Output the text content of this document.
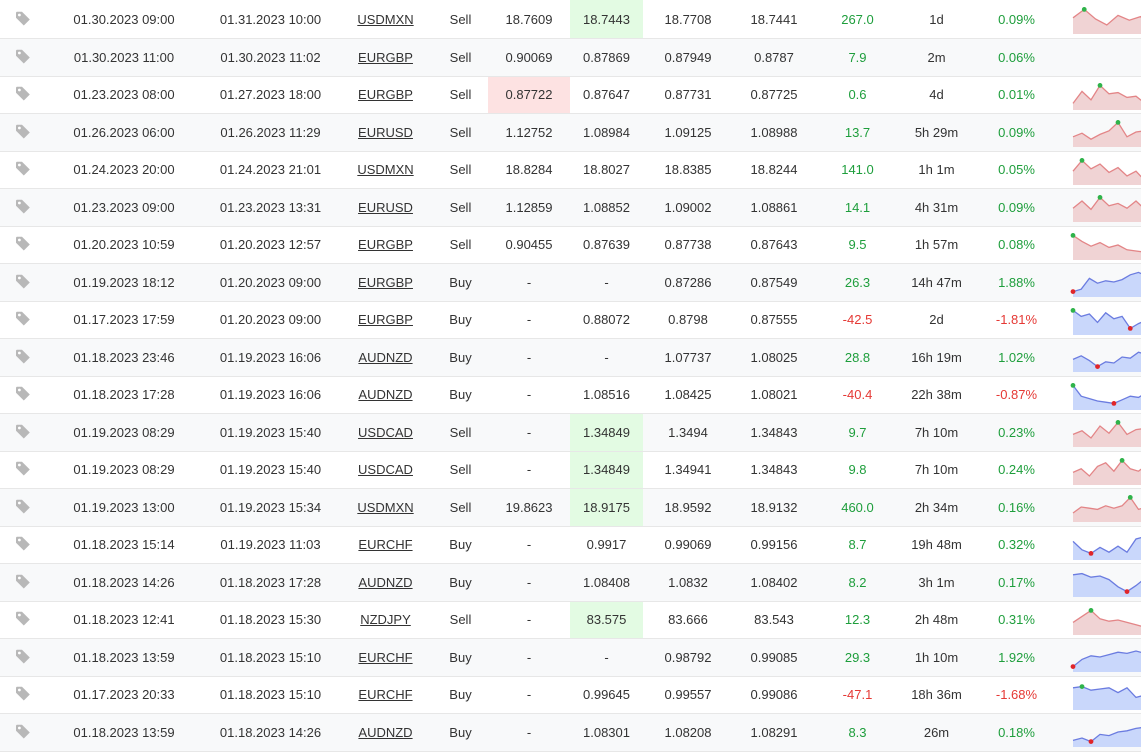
	01.30.2023 09:00	01.31.2023 10:00	USDMXN	Sell	18.7609	18.7443	18.7708	18.7441	267.0	1d	0.09%	

	01.30.2023 11:00	01.30.2023 11:02	EURGBP	Sell	0.90069	0.87869	0.87949	0.8787	7.9	2m	0.06%	
	01.23.2023 08:00	01.27.2023 18:00	EURGBP	Sell	0.87722	0.87647	0.87731	0.87725	0.6	4d	0.01%	

	01.26.2023 06:00	01.26.2023 11:29	EURUSD	Sell	1.12752	1.08984	1.09125	1.08988	13.7	5h 29m	0.09%	

	01.24.2023 20:00	01.24.2023 21:01	USDMXN	Sell	18.8284	18.8027	18.8385	18.8244	141.0	1h 1m	0.05%	

	01.23.2023 09:00	01.23.2023 13:31	EURUSD	Sell	1.12859	1.08852	1.09002	1.08861	14.1	4h 31m	0.09%	

	01.20.2023 10:59	01.20.2023 12:57	EURGBP	Sell	0.90455	0.87639	0.87738	0.87643	9.5	1h 57m	0.08%	

	01.19.2023 18:12	01.20.2023 09:00	EURGBP	Buy	-	-	0.87286	0.87549	26.3	14h 47m	1.88%	

	01.17.2023 17:59	01.20.2023 09:00	EURGBP	Buy	-	0.88072	0.8798	0.87555	-42.5	2d	-1.81%	

	01.18.2023 23:46	01.19.2023 16:06	AUDNZD	Buy	-	-	1.07737	1.08025	28.8	16h 19m	1.02%	

	01.18.2023 17:28	01.19.2023 16:06	AUDNZD	Buy	-	1.08516	1.08425	1.08021	-40.4	22h 38m	-0.87%	

	01.19.2023 08:29	01.19.2023 15:40	USDCAD	Sell	-	1.34849	1.3494	1.34843	9.7	7h 10m	0.23%	

	01.19.2023 08:29	01.19.2023 15:40	USDCAD	Sell	-	1.34849	1.34941	1.34843	9.8	7h 10m	0.24%	

	01.19.2023 13:00	01.19.2023 15:34	USDMXN	Sell	19.8623	18.9175	18.9592	18.9132	460.0	2h 34m	0.16%	

	01.18.2023 15:14	01.19.2023 11:03	EURCHF	Buy	-	0.9917	0.99069	0.99156	8.7	19h 48m	0.32%	

	01.18.2023 14:26	01.18.2023 17:28	AUDNZD	Buy	-	1.08408	1.0832	1.08402	8.2	3h 1m	0.17%	

	01.18.2023 12:41	01.18.2023 15:30	NZDJPY	Sell	-	83.575	83.666	83.543	12.3	2h 48m	0.31%	

	01.18.2023 13:59	01.18.2023 15:10	EURCHF	Buy	-	-	0.98792	0.99085	29.3	1h 10m	1.92%	

	01.17.2023 20:33	01.18.2023 15:10	EURCHF	Buy	-	0.99645	0.99557	0.99086	-47.1	18h 36m	-1.68%	

	01.18.2023 13:59	01.18.2023 14:26	AUDNZD	Buy	-	1.08301	1.08208	1.08291	8.3	26m	0.18%	
